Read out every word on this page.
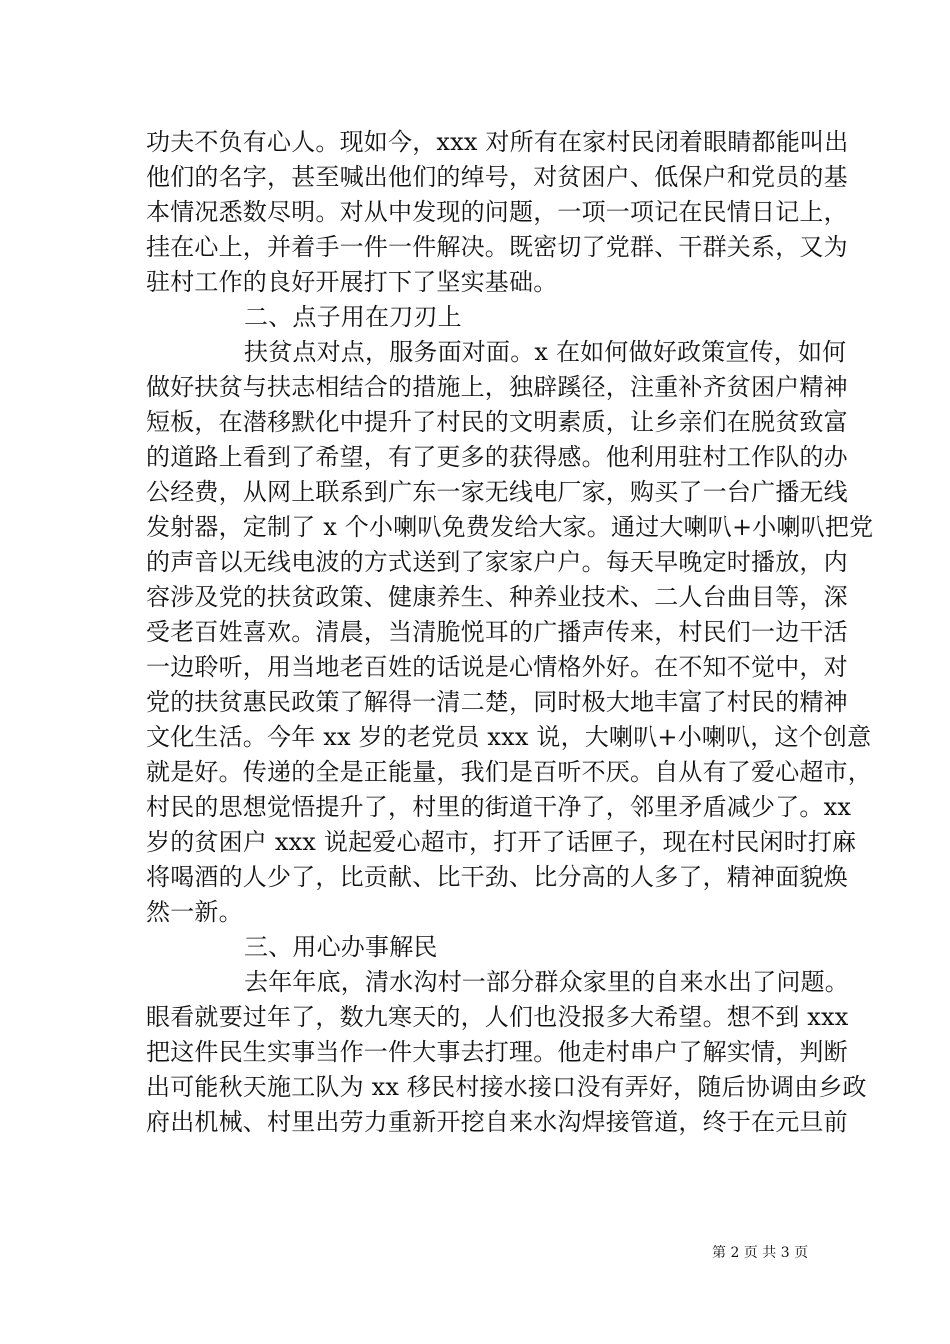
功夫不负有心人。现如今，xxx 对所有在家村民闭着眼睛都能叫出
他们的名字，甚至喊出他们的绰号，对贫困户、低保户和党员的基
本情况悉数尽明。对从中发现的问题，一项一项记在民情日记上，
挂在心上，并着手一件一件解决。既密切了党群、干群关系，又为
驻村工作的良好开展打下了坚实基础。
二、点子用在刀刃上
扶贫点对点，服务面对面。x 在如何做好政策宣传，如何
做好扶贫与扶志相结合的措施上，独辟蹊径，注重补齐贫困户精神
短板，在潜移默化中提升了村民的文明素质，让乡亲们在脱贫致富
的道路上看到了希望，有了更多的获得感。他利用驻村工作队的办
公经费，从网上联系到广东一家无线电厂家，购买了一台广播无线
发射器，定制了 x 个小喇叭免费发给大家。通过大喇叭+小喇叭把党
的声音以无线电波的方式送到了家家户户。每天早晚定时播放，内
容涉及党的扶贫政策、健康养生、种养业技术、二人台曲目等，深
受老百姓喜欢。清晨，当清脆悦耳的广播声传来，村民们一边干活
一边聆听，用当地老百姓的话说是心情格外好。在不知不觉中，对
党的扶贫惠民政策了解得一清二楚，同时极大地丰富了村民的精神
文化生活。今年 xx 岁的老党员 xxx 说，大喇叭+小喇叭，这个创意
就是好。传递的全是正能量，我们是百听不厌。自从有了爱心超市，
村民的思想觉悟提升了，村里的街道干净了，邻里矛盾减少了。xx
岁的贫困户 xxx 说起爱心超市，打开了话匣子，现在村民闲时打麻
将喝酒的人少了，比贡献、比干劲、比分高的人多了，精神面貌焕
然一新。
三、用心办事解民
去年年底，清水沟村一部分群众家里的自来水出了问题。
眼看就要过年了，数九寒天的，人们也没报多大希望。想不到 xxx
把这件民生实事当作一件大事去打理。他走村串户了解实情，判断
出可能秋天施工队为 xx 移民村接水接口没有弄好，随后协调由乡政
府出机械、村里出劳力重新开挖自来水沟焊接管道，终于在元旦前
第 2 页 共 3 页
